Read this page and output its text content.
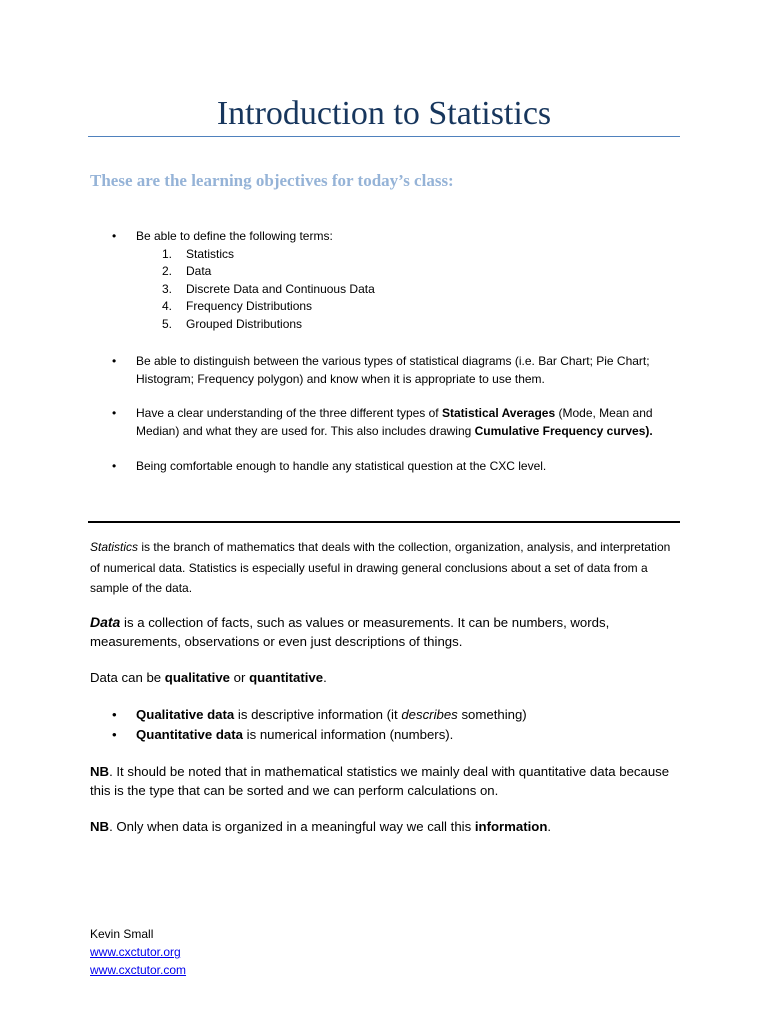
Introduction to Statistics
These are the learning objectives for today’s class:
• Be able to define the following terms:
1. Statistics
2. Data
3. Discrete Data and Continuous Data
4. Frequency Distributions
5. Grouped Distributions
• Be able to distinguish between the various types of statistical diagrams (i.e. Bar Chart; Pie Chart; Histogram; Frequency polygon) and know when it is appropriate to use them.
• Have a clear understanding of the three different types of Statistical Averages (Mode, Mean and Median) and what they are used for. This also includes drawing Cumulative Frequency curves).
• Being comfortable enough to handle any statistical question at the CXC level.

Statistics is the branch of mathematics that deals with the collection, organization, analysis, and interpretation of numerical data. Statistics is especially useful in drawing general conclusions about a set of data from a sample of the data.

Data is a collection of facts, such as values or measurements. It can be numbers, words, measurements, observations or even just descriptions of things.

Data can be qualitative or quantitative.

• Qualitative data is descriptive information (it describes something)
• Quantitative data is numerical information (numbers).

NB. It should be noted that in mathematical statistics we mainly deal with quantitative data because this is the type that can be sorted and we can perform calculations on.

NB. Only when data is organized in a meaningful way we call this information.

Kevin Small
www.cxctutor.org
www.cxctutor.com
